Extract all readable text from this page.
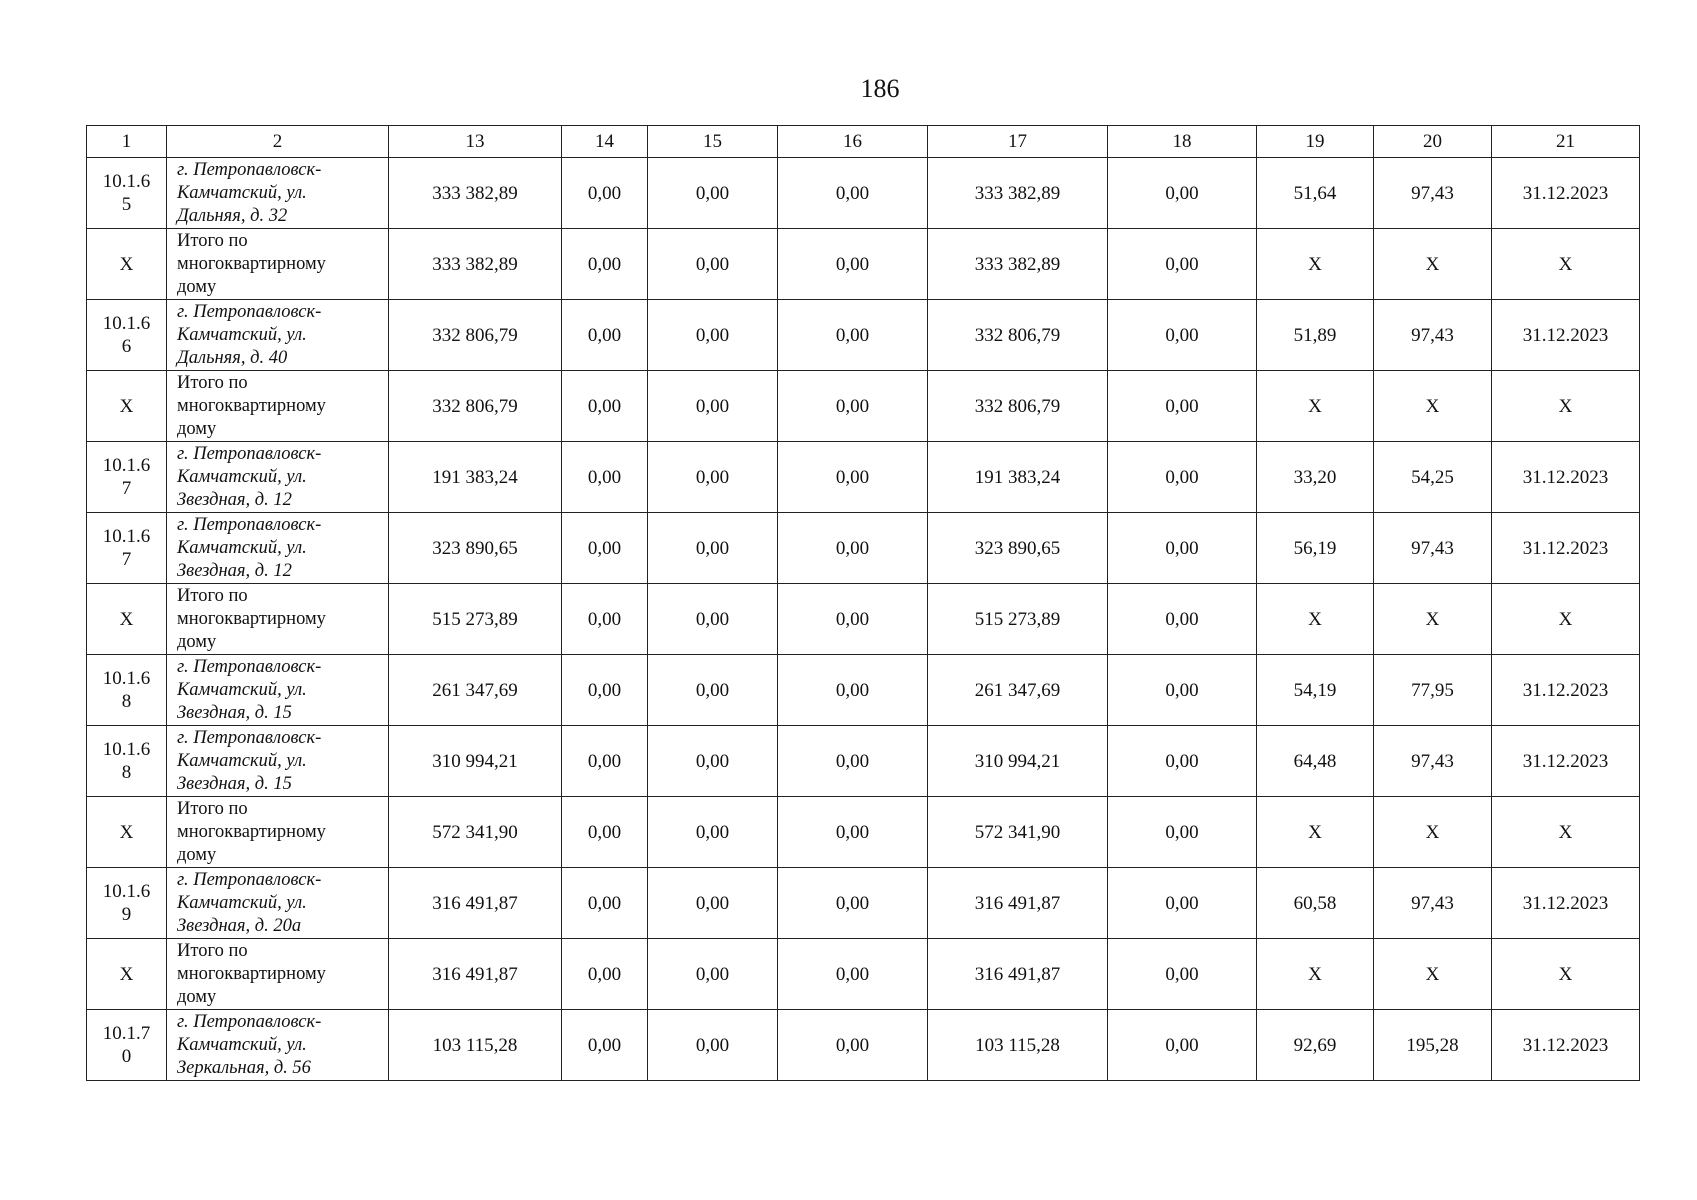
186
1	2	13	14	15	16	17	18	19	20	21
10.1.6
5	г. Петропавловск-
Камчатский, ул.
Дальняя, д. 32	333 382,89	0,00	0,00	0,00	333 382,89	0,00	51,64	97,43	31.12.2023
X	Итого по
многоквартирному
дому	333 382,89	0,00	0,00	0,00	333 382,89	0,00	X	X	X
10.1.6
6	г. Петропавловск-
Камчатский, ул.
Дальняя, д. 40	332 806,79	0,00	0,00	0,00	332 806,79	0,00	51,89	97,43	31.12.2023
X	Итого по
многоквартирному
дому	332 806,79	0,00	0,00	0,00	332 806,79	0,00	X	X	X
10.1.6
7	г. Петропавловск-
Камчатский, ул.
Звездная, д. 12	191 383,24	0,00	0,00	0,00	191 383,24	0,00	33,20	54,25	31.12.2023
10.1.6
7	г. Петропавловск-
Камчатский, ул.
Звездная, д. 12	323 890,65	0,00	0,00	0,00	323 890,65	0,00	56,19	97,43	31.12.2023
X	Итого по
многоквартирному
дому	515 273,89	0,00	0,00	0,00	515 273,89	0,00	X	X	X
10.1.6
8	г. Петропавловск-
Камчатский, ул.
Звездная, д. 15	261 347,69	0,00	0,00	0,00	261 347,69	0,00	54,19	77,95	31.12.2023
10.1.6
8	г. Петропавловск-
Камчатский, ул.
Звездная, д. 15	310 994,21	0,00	0,00	0,00	310 994,21	0,00	64,48	97,43	31.12.2023
X	Итого по
многоквартирному
дому	572 341,90	0,00	0,00	0,00	572 341,90	0,00	X	X	X
10.1.6
9	г. Петропавловск-
Камчатский, ул.
Звездная, д. 20а	316 491,87	0,00	0,00	0,00	316 491,87	0,00	60,58	97,43	31.12.2023
X	Итого по
многоквартирному
дому	316 491,87	0,00	0,00	0,00	316 491,87	0,00	X	X	X
10.1.7
0	г. Петропавловск-
Камчатский, ул.
Зеркальная, д. 56	103 115,28	0,00	0,00	0,00	103 115,28	0,00	92,69	195,28	31.12.2023
